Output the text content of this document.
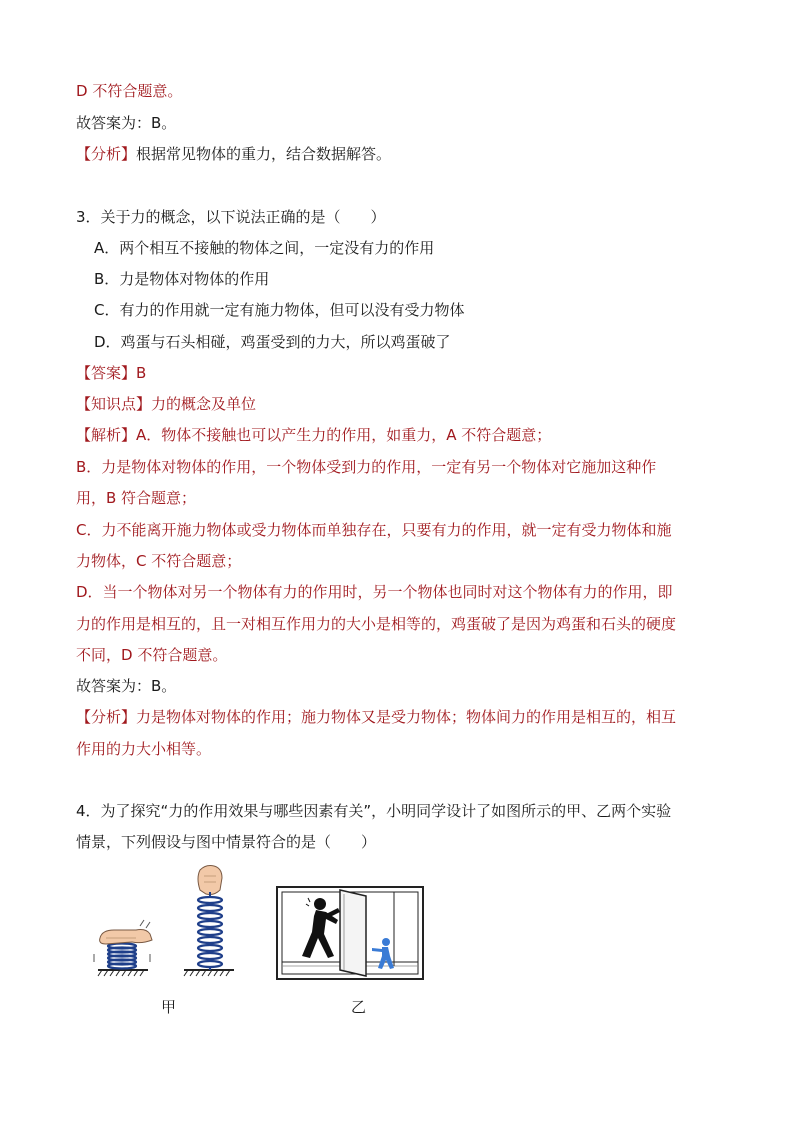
D 不符合题意。
故答案为：B。
【分析】根据常见物体的重力，结合数据解答。
3．关于力的概念，以下说法正确的是（　　）
A．两个相互不接触的物体之间，一定没有力的作用
B．力是物体对物体的作用
C．有力的作用就一定有施力物体，但可以没有受力物体
D．鸡蛋与石头相碰，鸡蛋受到的力大，所以鸡蛋破了
【答案】B
【知识点】力的概念及单位
【解析】A．物体不接触也可以产生力的作用，如重力，A 不符合题意；
B．力是物体对物体的作用，一个物体受到力的作用，一定有另一个物体对它施加这种作
用，B 符合题意；
C．力不能离开施力物体或受力物体而单独存在，只要有力的作用，就一定有受力物体和施
力物体，C 不符合题意；
D．当一个物体对另一个物体有力的作用时，另一个物体也同时对这个物体有力的作用，即
力的作用是相互的，且一对相互作用力的大小是相等的，鸡蛋破了是因为鸡蛋和石头的硬度
不同，D 不符合题意。
故答案为：B。
【分析】力是物体对物体的作用；施力物体又是受力物体；物体间力的作用是相互的，相互
作用的力大小相等。
4．为了探究“力的作用效果与哪些因素有关”，小明同学设计了如图所示的甲、乙两个实验
情景，下列假设与图中情景符合的是（　　）
甲	乙
